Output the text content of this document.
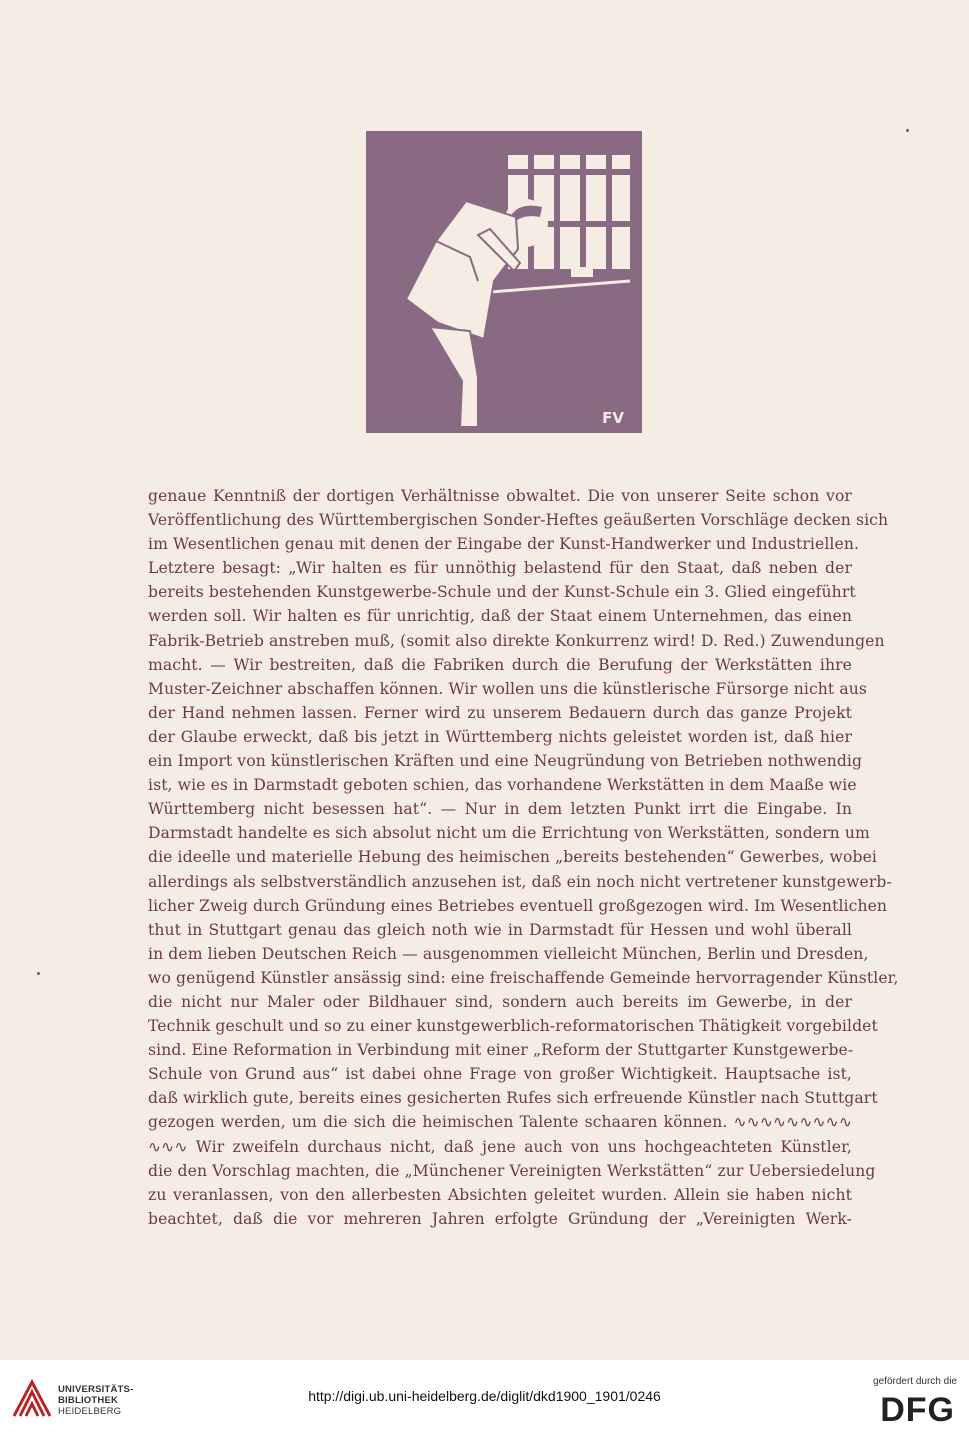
FV
genaue Kenntniß der dortigen Verhältnisse obwaltet. Die von unserer Seite schon vor
Veröffentlichung des Württembergischen Sonder-Heftes geäußerten Vorschläge decken sich
im Wesentlichen genau mit denen der Eingabe der Kunst-Handwerker und Industriellen.
Letztere besagt: „Wir halten es für unnöthig belastend für den Staat, daß neben der
bereits bestehenden Kunstgewerbe-Schule und der Kunst-Schule ein 3. Glied eingeführt
werden soll. Wir halten es für unrichtig, daß der Staat einem Unternehmen, das einen
Fabrik-Betrieb anstreben muß, (somit also direkte Konkurrenz wird! D. Red.) Zuwendungen
macht. — Wir bestreiten, daß die Fabriken durch die Berufung der Werkstätten ihre
Muster-Zeichner abschaffen können. Wir wollen uns die künstlerische Fürsorge nicht aus
der Hand nehmen lassen. Ferner wird zu unserem Bedauern durch das ganze Projekt
der Glaube erweckt, daß bis jetzt in Württemberg nichts geleistet worden ist, daß hier
ein Import von künstlerischen Kräften und eine Neugründung von Betrieben nothwendig
ist, wie es in Darmstadt geboten schien, das vorhandene Werkstätten in dem Maaße wie
Württemberg nicht besessen hat“. — Nur in dem letzten Punkt irrt die Eingabe. In
Darmstadt handelte es sich absolut nicht um die Errichtung von Werkstätten, sondern um
die ideelle und materielle Hebung des heimischen „bereits bestehenden“ Gewerbes, wobei
allerdings als selbstverständlich anzusehen ist, daß ein noch nicht vertretener kunstgewerb-
licher Zweig durch Gründung eines Betriebes eventuell großgezogen wird. Im Wesentlichen
thut in Stuttgart genau das gleich noth wie in Darmstadt für Hessen und wohl überall
in dem lieben Deutschen Reich — ausgenommen vielleicht München, Berlin und Dresden,
wo genügend Künstler ansässig sind: eine freischaffende Gemeinde hervorragender Künstler,
die nicht nur Maler oder Bildhauer sind, sondern auch bereits im Gewerbe, in der
Technik geschult und so zu einer kunstgewerblich-reformatorischen Thätigkeit vorgebildet
sind. Eine Reformation in Verbindung mit einer „Reform der Stuttgarter Kunstgewerbe-
Schule von Grund aus“ ist dabei ohne Frage von großer Wichtigkeit. Hauptsache ist,
daß wirklich gute, bereits eines gesicherten Rufes sich erfreuende Künstler nach Stuttgart
gezogen werden, um die sich die heimischen Talente schaaren können. ∿∿∿∿∿∿∿∿∿
∿∿∿ Wir zweifeln durchaus nicht, daß jene auch von uns hochgeachteten Künstler,
die den Vorschlag machten, die „Münchener Vereinigten Werkstätten“ zur Uebersiedelung
zu veranlassen, von den allerbesten Absichten geleitet wurden. Allein sie haben nicht
beachtet, daß die vor mehreren Jahren erfolgte Gründung der „Vereinigten Werk-
UNIVERSITÄTS-
BIBLIOTHEK
HEIDELBERG
http://digi.ub.uni-heidelberg.de/diglit/dkd1900_1901/0246
gefördert durch die
DFG
